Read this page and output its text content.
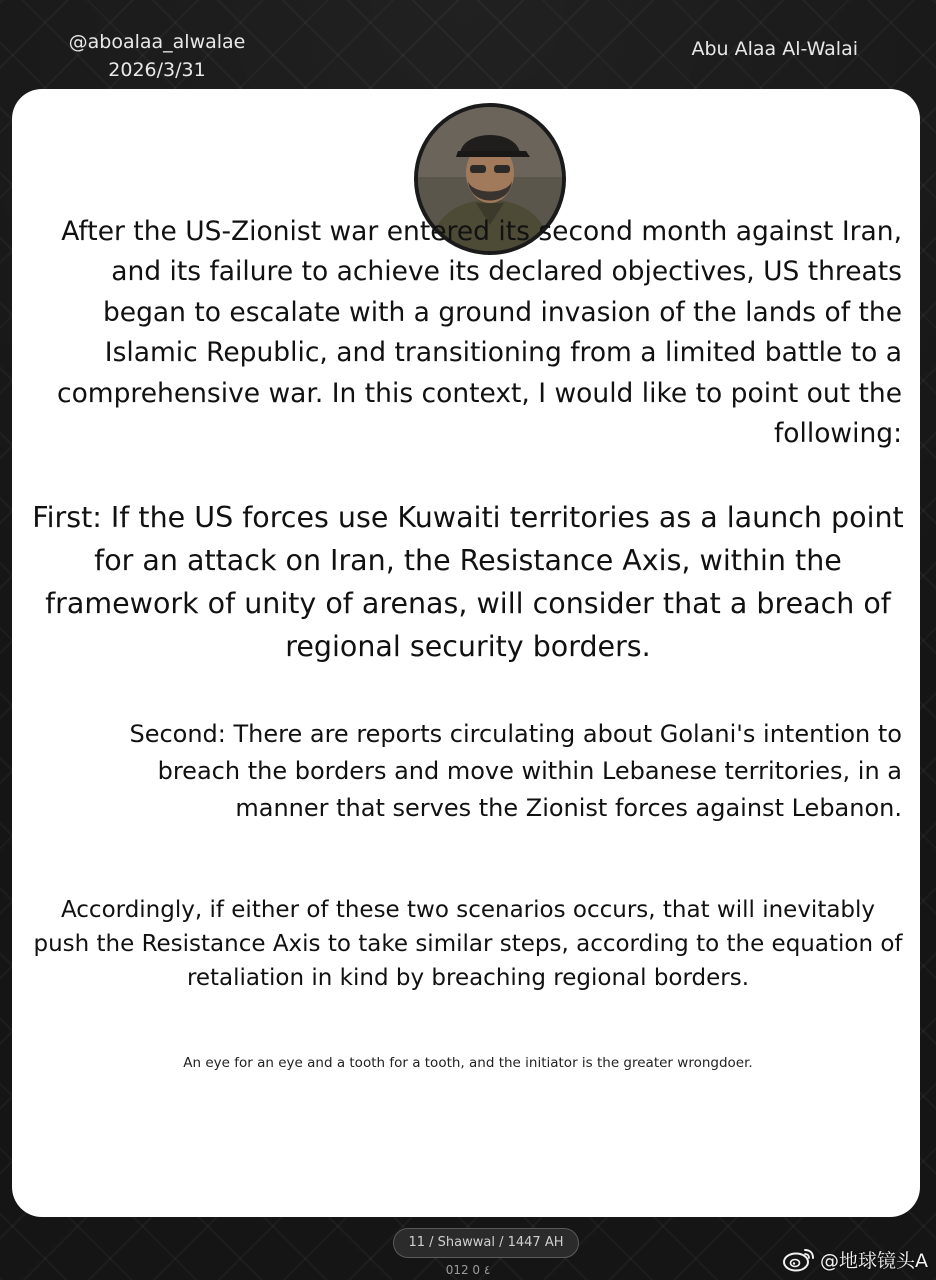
@aboalaa_alwalae
2026/3/31
Abu Alaa Al-Walai

After the US-Zionist war entered its second month against Iran, and its failure to achieve its declared objectives, US threats began to escalate with a ground invasion of the lands of the Islamic Republic, and transitioning from a limited battle to a comprehensive war. In this context, I would like to point out the following:

First: If the US forces use Kuwaiti territories as a launch point for an attack on Iran, the Resistance Axis, within the framework of unity of arenas, will consider that a breach of regional security borders.

Second: There are reports circulating about Golani's intention to breach the borders and move within Lebanese territories, in a manner that serves the Zionist forces against Lebanon.

Accordingly, if either of these two scenarios occurs, that will inevitably push the Resistance Axis to take similar steps, according to the equation of retaliation in kind by breaching regional borders.

An eye for an eye and a tooth for a tooth, and the initiator is the greater wrongdoer.

11 / Shawwal / 1447 AH
012 0 ٤	@地球镜头A
